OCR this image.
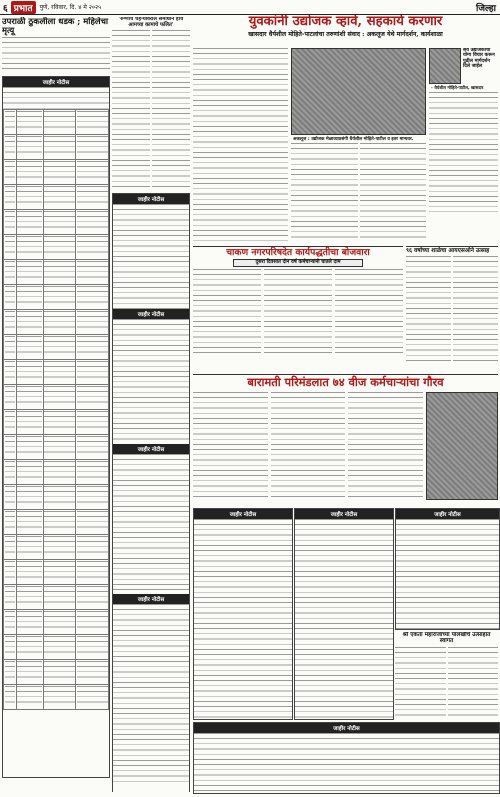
६ प्रभात	पुणे, रविवार, दि. ४ मे २०२५	जिल्हा
उपराळी ठुकलीला धडक ; महिलेचा मृत्यू
जाहीर नोटीस

'रुग्णांचे चेहऱ्यावरील समाधान हाच आमच्या कामाचे फलित'
जाहीर नोटीस
जाहीर नोटीस
जाहीर नोटीस
जाहीर नोटीस
युवकांनी उद्योजक व्हावे, सहकार्य करणार
खासदार धैर्यशील मोहिते-पाटलांचा तरुणांशी संवाद : अकलूज येथे मार्गदर्शन, कार्यशाळा
अकलूज : उद्योजक मेळाव्याप्रसंगी धैर्यशील मोहिते-पाटील व इतर मान्यवर.
सर्व उद्योजकांचा योग्य विचार करून पुढील मार्गदर्शन दिले जाईल
- धैर्यशील मोहिते-पाटील, खासदार
चाकण नगरपरिषदेत कार्यपद्धतीचा बोजवारा
दुसरा दिवसात दोन वर्ष कर्मचाऱ्यांनी घातले दाम
९६ वर्षाच्या शाळेचा आयएसओने उत्साह
बारामती परिमंडलात ७४ वीज कर्मचाऱ्यांचा गौरव
जाहीर नोटीस	जाहीर नोटीस	जाहीर नोटीस
श्री एकता महाराजांच्या पालखीचे उत्साहात स्वागत
जाहीर नोटीस
